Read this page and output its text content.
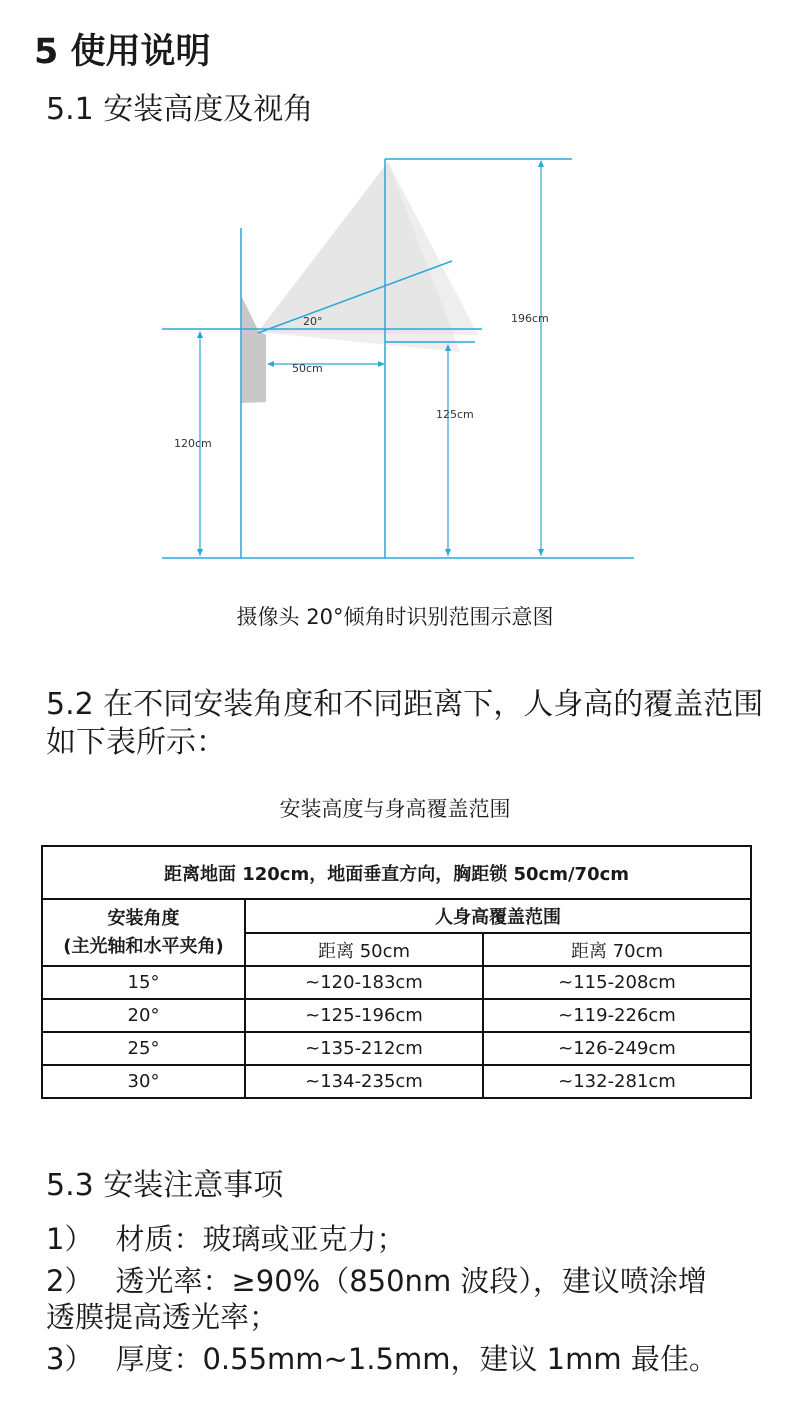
5 使用说明
5.1 安装高度及视角
20°
50cm
120cm
125cm
196cm
摄像头 20°倾角时识别范围示意图
5.2 在不同安装角度和不同距离下，人身高的覆盖范围如下表所示：
安装高度与身高覆盖范围
距离地面 120cm，地面垂直方向，胸距锁 50cm/70cm		
安装角度
(主光轴和水平夹角)	人身高覆盖范围	
	距离 50cm	距离 70cm
15°	~120-183cm	~115-208cm
20°	~125-196cm	~119-226cm
25°	~135-212cm	~126-249cm
30°	~134-235cm	~132-281cm
5.3 安装注意事项
1） 材质：玻璃或亚克力；
2） 透光率：≥90%（850nm 波段），建议喷涂增
透膜提高透光率；
3） 厚度：0.55mm~1.5mm，建议 1mm 最佳。
